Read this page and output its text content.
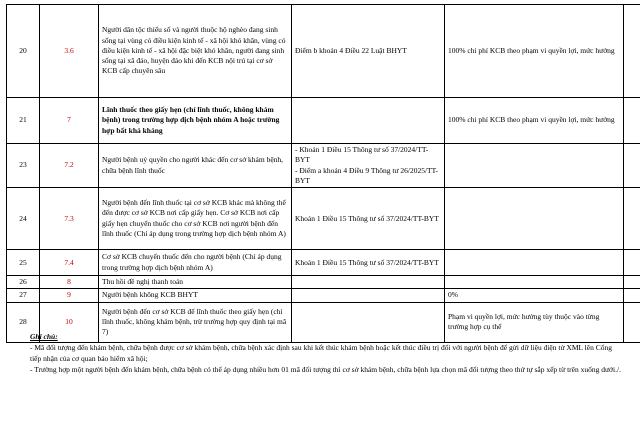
20	3.6	Người dân tộc thiểu số và người thuộc hộ nghèo đang sinh sống tại vùng có điều kiện kinh tế - xã hội khó khăn, vùng có điều kiện kinh tế - xã hội đặc biệt khó khăn, người đang sinh sống tại xã đảo, huyện đảo khi đến KCB nội trú tại cơ sở KCB cấp chuyên sâu	Điểm b khoản 4 Điều 22 Luật BHYT	100% chi phí KCB theo phạm vi quyền lợi, mức hưởng	
21	7	Lĩnh thuốc theo giấy hẹn (chỉ lĩnh thuốc, không khám bệnh) trong trường hợp dịch bệnh nhóm A hoặc trường hợp bất khả kháng		100% chi phí KCB theo phạm vi quyền lợi, mức hưởng	
23	7.2	Người bệnh uỷ quyền cho người khác đến cơ sở khám bệnh, chữa bệnh lĩnh thuốc	- Khoản 1 Điều 15 Thông tư số 37/2024/TT-BYT
- Điểm a khoản 4 Điều 9 Thông tư 26/2025/TT-BYT		
24	7.3	Người bệnh đến lĩnh thuốc tại cơ sở KCB khác mà không thể đến được cơ sở KCB nơi cấp giấy hẹn. Cơ sở KCB nơi cấp giấy hẹn chuyển thuốc cho cơ sở KCB nơi người bệnh đến lĩnh thuốc (Chỉ áp dụng trong trường hợp dịch bệnh nhóm A)	Khoản 1 Điều 15 Thông tư số 37/2024/TT-BYT		
25	7.4	Cơ sở KCB chuyển thuốc đến cho người bệnh (Chỉ áp dụng trong trường hợp dịch bệnh nhóm A)	Khoản 1 Điều 15 Thông tư số 37/2024/TT-BYT		
26	8	Thu hồi đề nghị thanh toán			
27	9	Người bệnh không KCB BHYT		0%	
28	10	Người bệnh đến cơ sở KCB để lĩnh thuốc theo giấy hẹn (chỉ lĩnh thuốc, không khám bệnh, trừ trường hợp quy định tại mã 7)		Phạm vi quyền lợi, mức hưởng tùy thuộc vào từng trường hợp cụ thể	

Ghi chú:

- Mã đối tượng đến khám bệnh, chữa bệnh được cơ sở khám bệnh, chữa bệnh xác định sau khi kết thúc khám bệnh hoặc kết thúc điều trị đối với người bệnh để gửi dữ liệu điện tử XML lên Cổng tiếp nhận của cơ quan bảo hiểm xã hội;

- Trường hợp một người bệnh đến khám bệnh, chữa bệnh có thể áp dụng nhiều hơn 01 mã đối tượng thì cơ sở khám bệnh, chữa bệnh lựa chọn mã đối tượng theo thứ tự sắp xếp từ trên xuống dưới./.
